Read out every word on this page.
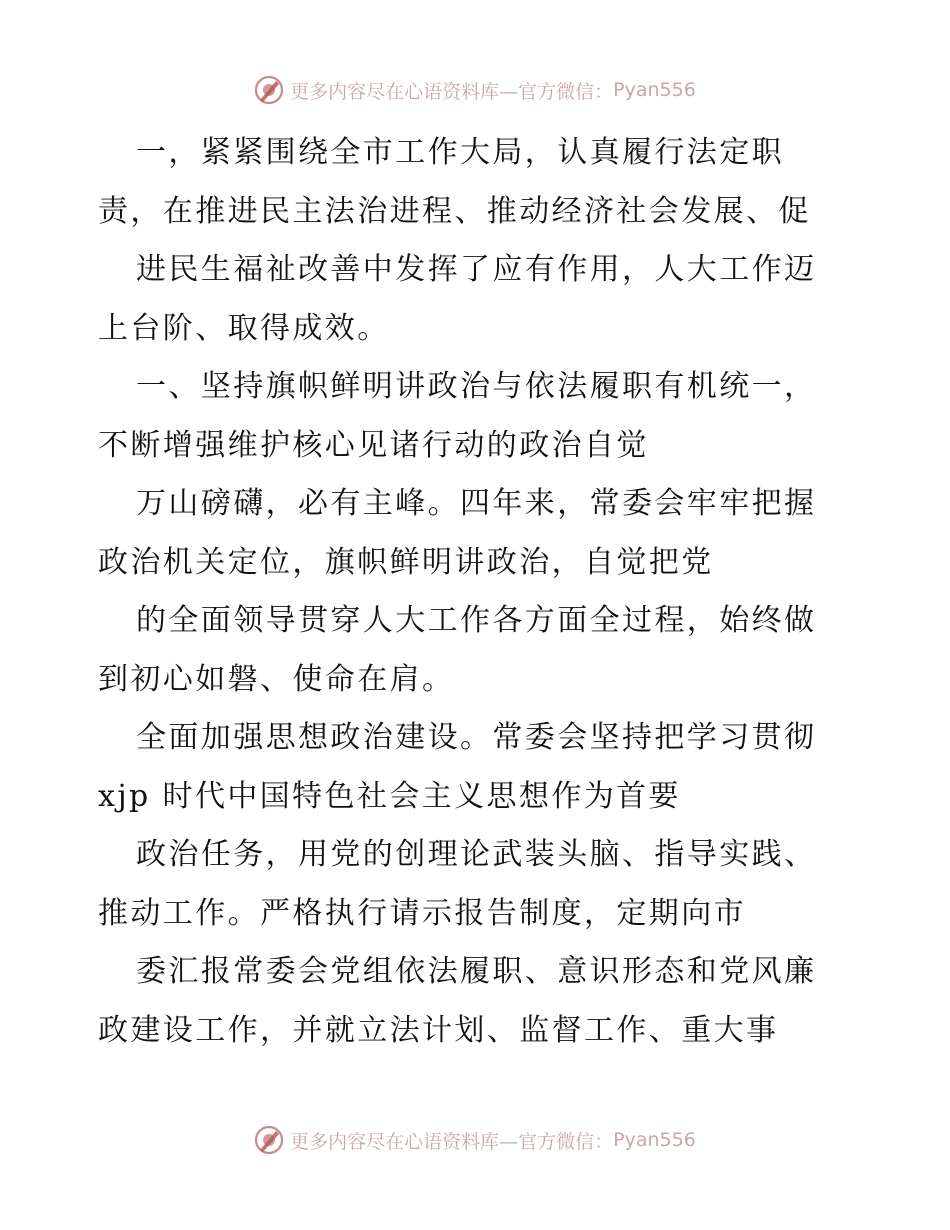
更多内容尽在心语资料库—官方微信： Pyan556
一，紧紧围绕全市工作大局，认真履行法定职
责，在推进民主法治进程、推动经济社会发展、促
进民生福祉改善中发挥了应有作用，人大工作迈
上台阶、取得成效。
一、坚持旗帜鲜明讲政治与依法履职有机统一，
不断增强维护核心见诸行动的政治自觉
万山磅礴，必有主峰。四年来，常委会牢牢把握
政治机关定位，旗帜鲜明讲政治，自觉把党
的全面领导贯穿人大工作各方面全过程，始终做
到初心如磐、使命在肩。
全面加强思想政治建设。常委会坚持把学习贯彻
xjp 时代中国特色社会主义思想作为首要
政治任务，用党的创理论武装头脑、指导实践、
推动工作。严格执行请示报告制度，定期向市
委汇报常委会党组依法履职、意识形态和党风廉
政建设工作，并就立法计划、监督工作、重大事
更多内容尽在心语资料库—官方微信： Pyan556
